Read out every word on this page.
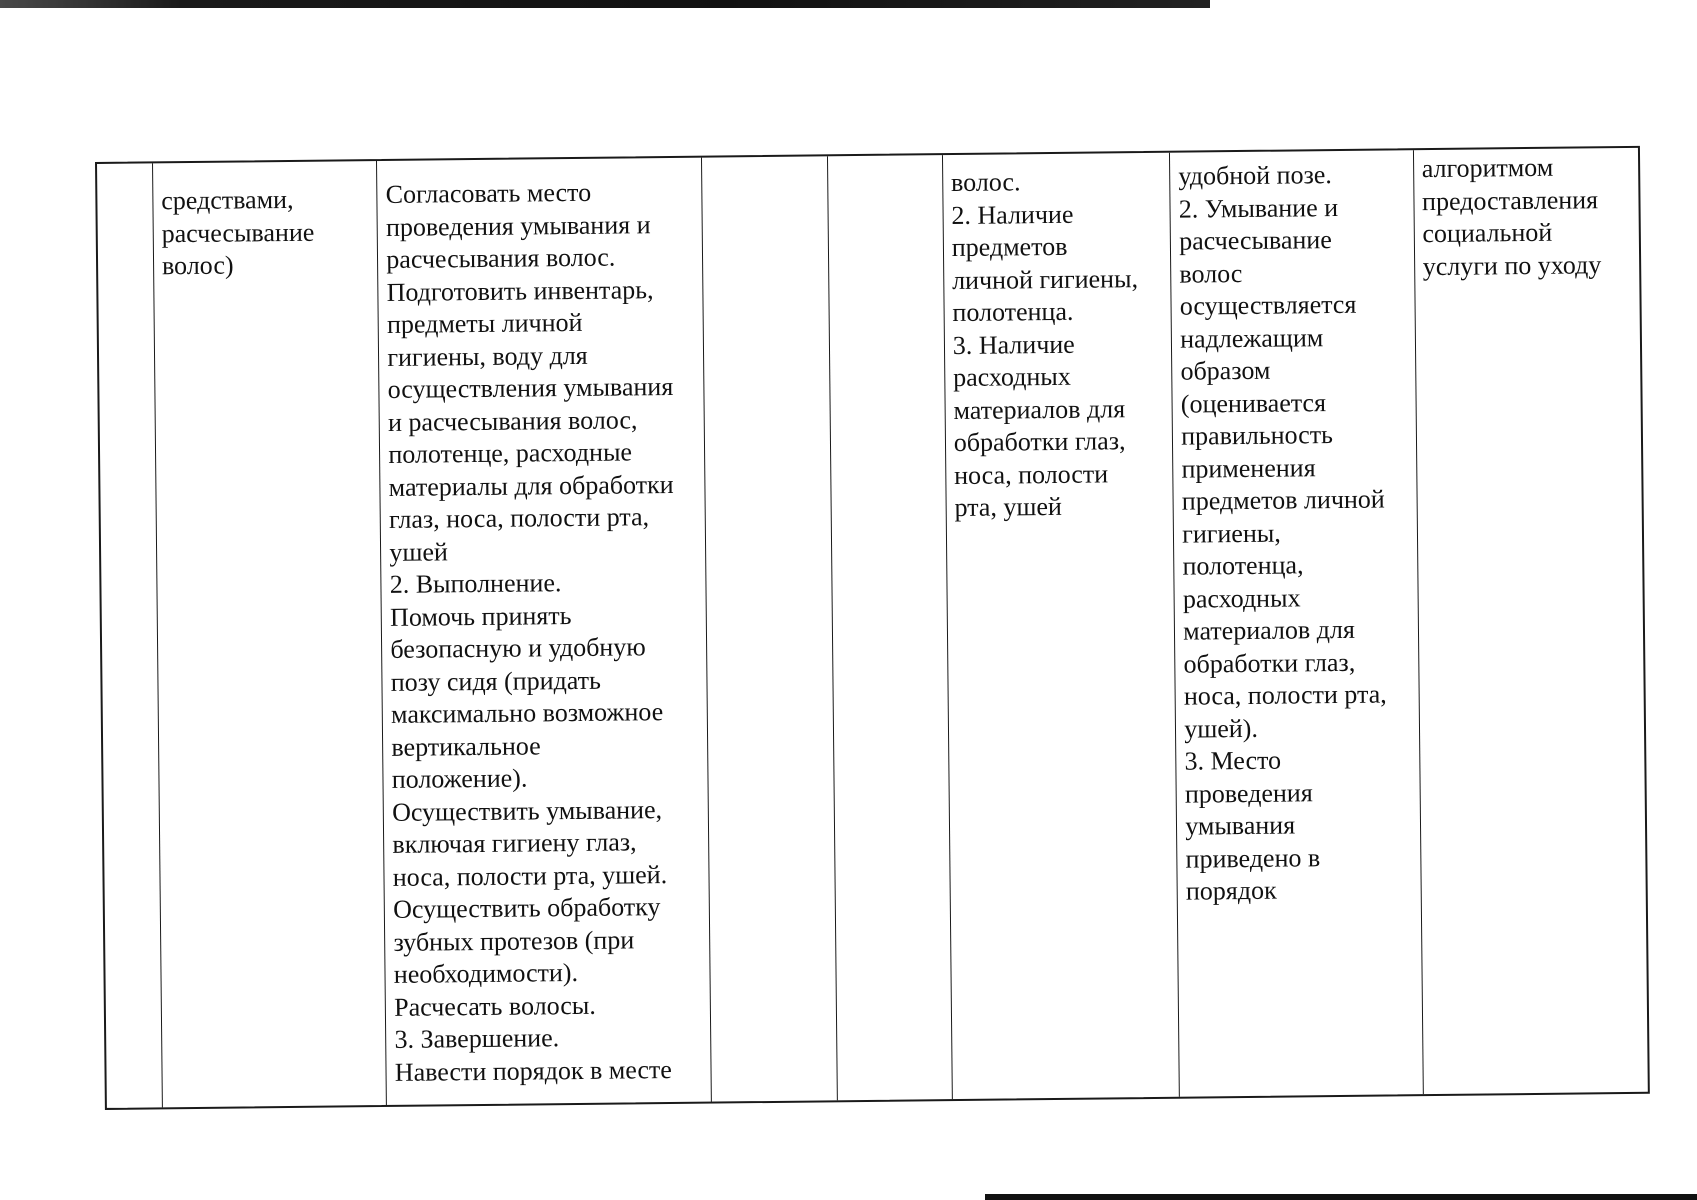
средствами,
расчесывание
волос)
Согласовать место
проведения умывания и
расчесывания волос.
Подготовить инвентарь,
предметы личной
гигиены, воду для
осуществления умывания
и расчесывания волос,
полотенце, расходные
материалы для обработки
глаз, носа, полости рта,
ушей
2. Выполнение.
Помочь принять
безопасную и удобную
позу сидя (придать
максимально возможное
вертикальное
положение).
Осуществить умывание,
включая гигиену глаз,
носа, полости рта, ушей.
Осуществить обработку
зубных протезов (при
необходимости).
Расчесать волосы.
3. Завершение.
Навести порядок в месте
волос.
2. Наличие
предметов
личной гигиены,
полотенца.
3. Наличие
расходных
материалов для
обработки глаз,
носа, полости
рта, ушей
удобной позе.
2. Умывание и
расчесывание
волос
осуществляется
надлежащим
образом
(оценивается
правильность
применения
предметов личной
гигиены,
полотенца,
расходных
материалов для
обработки глаз,
носа, полости рта,
ушей).
3. Место
проведения
умывания
приведено в
порядок
алгоритмом
предоставления
социальной
услуги по уходу
